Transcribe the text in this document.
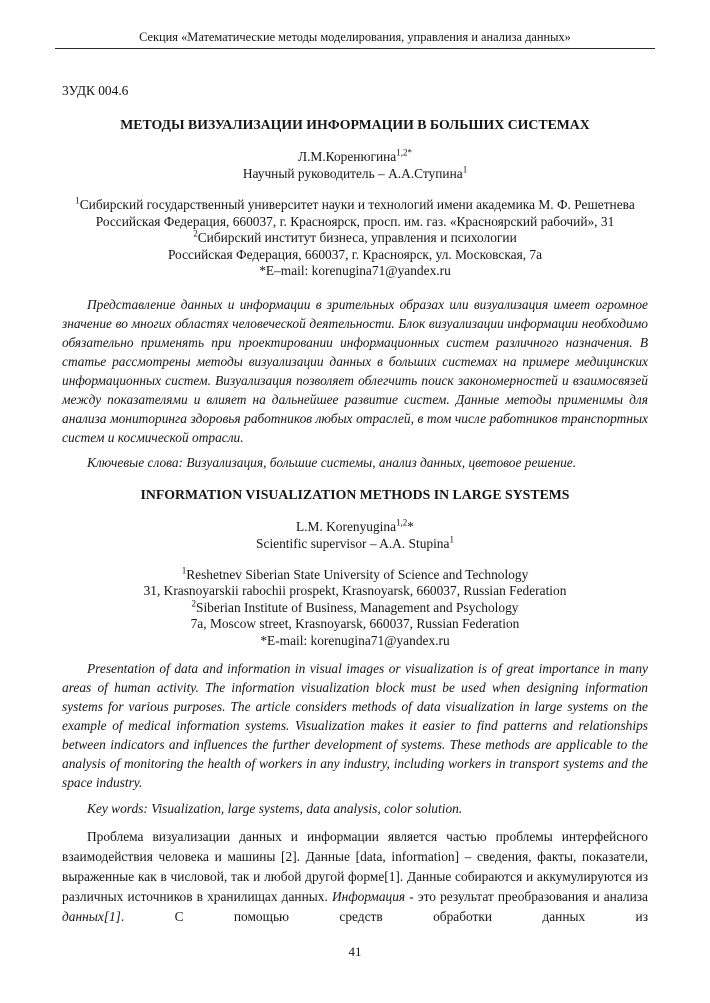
Секция «Математические методы моделирования, управления и анализа данных»
3УДК 004.6
МЕТОДЫ ВИЗУАЛИЗАЦИИ ИНФОРМАЦИИ В БОЛЬШИХ СИСТЕМАХ
Л.М.Коренюгина$^{1,2*}$
Научный руководитель – А.А.Ступина$^1$
$^1$Сибирский государственный университет науки и технологий имени академика М. Ф. Решетнева
Российская Федерация, 660037, г. Красноярск, просп. им. газ. «Красноярский рабочий», 31
$^2$Сибирский институт бизнеса, управления и психологии
Российская Федерация, 660037, г. Красноярск, ул. Московская, 7а
*E–mail: korenugina71@yandex.ru

Представление данных и информации в зрительных образах или визуализация имеет огромное значение во многих областях человеческой деятельности. Блок визуализации информации необходимо обязательно применять при проектировании информационных систем различного назначения. В статье рассмотрены методы визуализации данных в больших системах на примере медицинских информационных систем. Визуализация позволяет облегчить поиск закономерностей и взаимосвязей между показателями и влияет на дальнейшее развитие систем. Данные методы применимы для анализа мониторинга здоровья работников любых отраслей, в том числе работников транспортных систем и космической отрасли.

Ключевые слова: Визуализация, большие системы, анализ данных, цветовое решение.

INFORMATION VISUALIZATION METHODS IN LARGE SYSTEMS
L.M. Korenyugina$^{1,2}$*
Scientific supervisor – A.A. Stupina$^1$
$^1$Reshetnev Siberian State University of Science and Technology
31, Krasnoyarskii rabochii prospekt, Krasnoyarsk, 660037, Russian Federation
$^2$Siberian Institute of Business, Management and Psychology
7a, Moscow street, Krasnoyarsk, 660037, Russian Federation
*E-mail: korenugina71@yandex.ru

Presentation of data and information in visual images or visualization is of great importance in many areas of human activity. The information visualization block must be used when designing information systems for various purposes. The article considers methods of data visualization in large systems on the example of medical information systems. Visualization makes it easier to find patterns and relationships between indicators and influences the further development of systems. These methods are applicable to the analysis of monitoring the health of workers in any industry, including workers in transport systems and the space industry.

Key words: Visualization, large systems, data analysis, color solution.

Проблема визуализации данных и информации является частью проблемы интерфейсного взаимодействия человека и машины [2]. Данные [data, information] – сведения, факты, показатели, выраженные как в числовой, так и любой другой форме[1]. Данные собираются и аккумулируются из различных источников в хранилищах данных. Информация - это результат преобразования и анализа данных[1]. С помощью средств обработки данных из

41
